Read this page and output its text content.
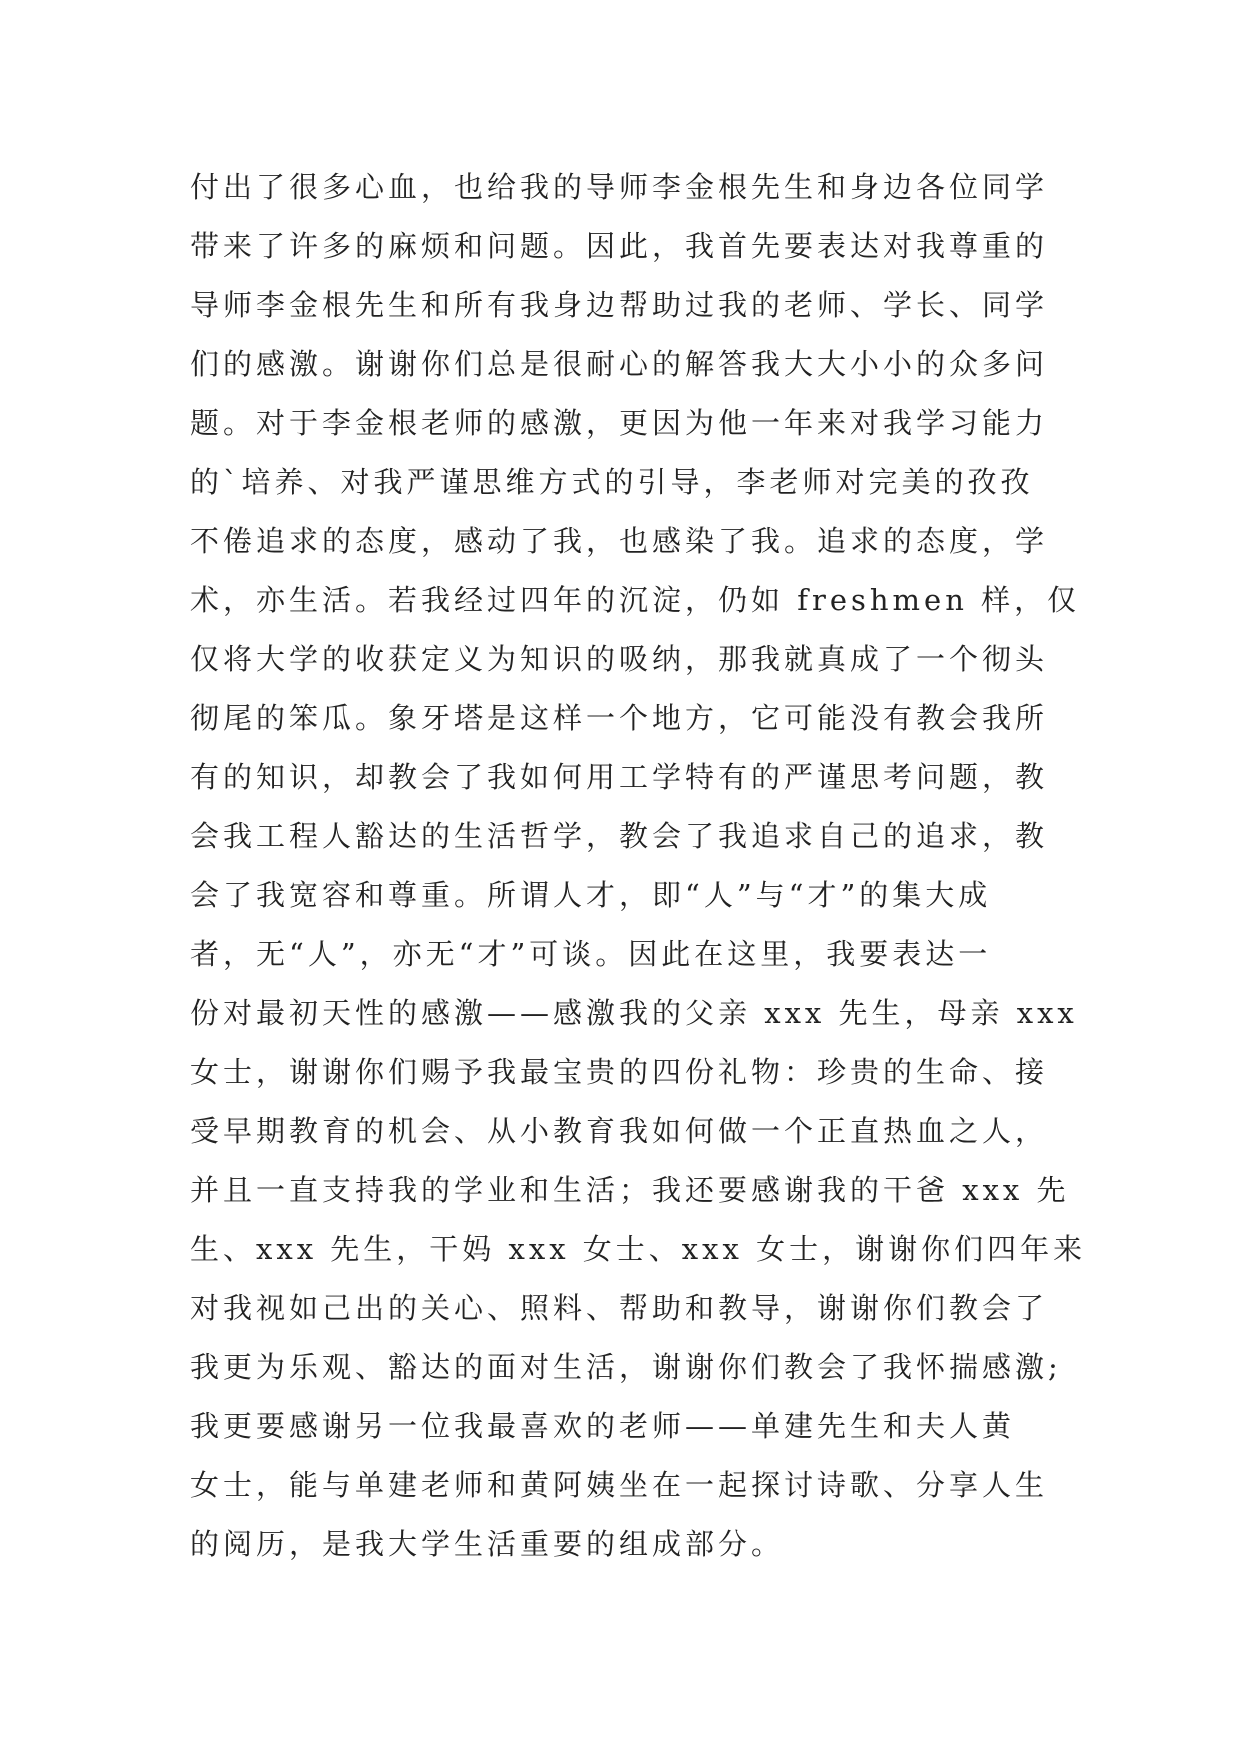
付出了很多心血，也给我的导师李金根先生和身边各位同学
带来了许多的麻烦和问题。因此，我首先要表达对我尊重的
导师李金根先生和所有我身边帮助过我的老师、学长、同学
们的感激。谢谢你们总是很耐心的解答我大大小小的众多问
题。对于李金根老师的感激，更因为他一年来对我学习能力
的`培养、对我严谨思维方式的引导，李老师对完美的孜孜
不倦追求的态度，感动了我，也感染了我。追求的态度，学
术，亦生活。若我经过四年的沉淀，仍如 freshmen 样，仅
仅将大学的收获定义为知识的吸纳，那我就真成了一个彻头
彻尾的笨瓜。象牙塔是这样一个地方，它可能没有教会我所
有的知识，却教会了我如何用工学特有的严谨思考问题，教
会我工程人豁达的生活哲学，教会了我追求自己的追求，教
会了我宽容和尊重。所谓人才，即“人”与“才”的集大成
者，无“人”，亦无“才”可谈。因此在这里，我要表达一
份对最初天性的感激——感激我的父亲 xxx 先生，母亲 xxx
女士，谢谢你们赐予我最宝贵的四份礼物：珍贵的生命、接
受早期教育的机会、从小教育我如何做一个正直热血之人，
并且一直支持我的学业和生活；我还要感谢我的干爸 xxx 先
生、xxx 先生，干妈 xxx 女士、xxx 女士，谢谢你们四年来
对我视如己出的关心、照料、帮助和教导，谢谢你们教会了
我更为乐观、豁达的面对生活，谢谢你们教会了我怀揣感激;
我更要感谢另一位我最喜欢的老师——单建先生和夫人黄
女士，能与单建老师和黄阿姨坐在一起探讨诗歌、分享人生
的阅历，是我大学生活重要的组成部分。
